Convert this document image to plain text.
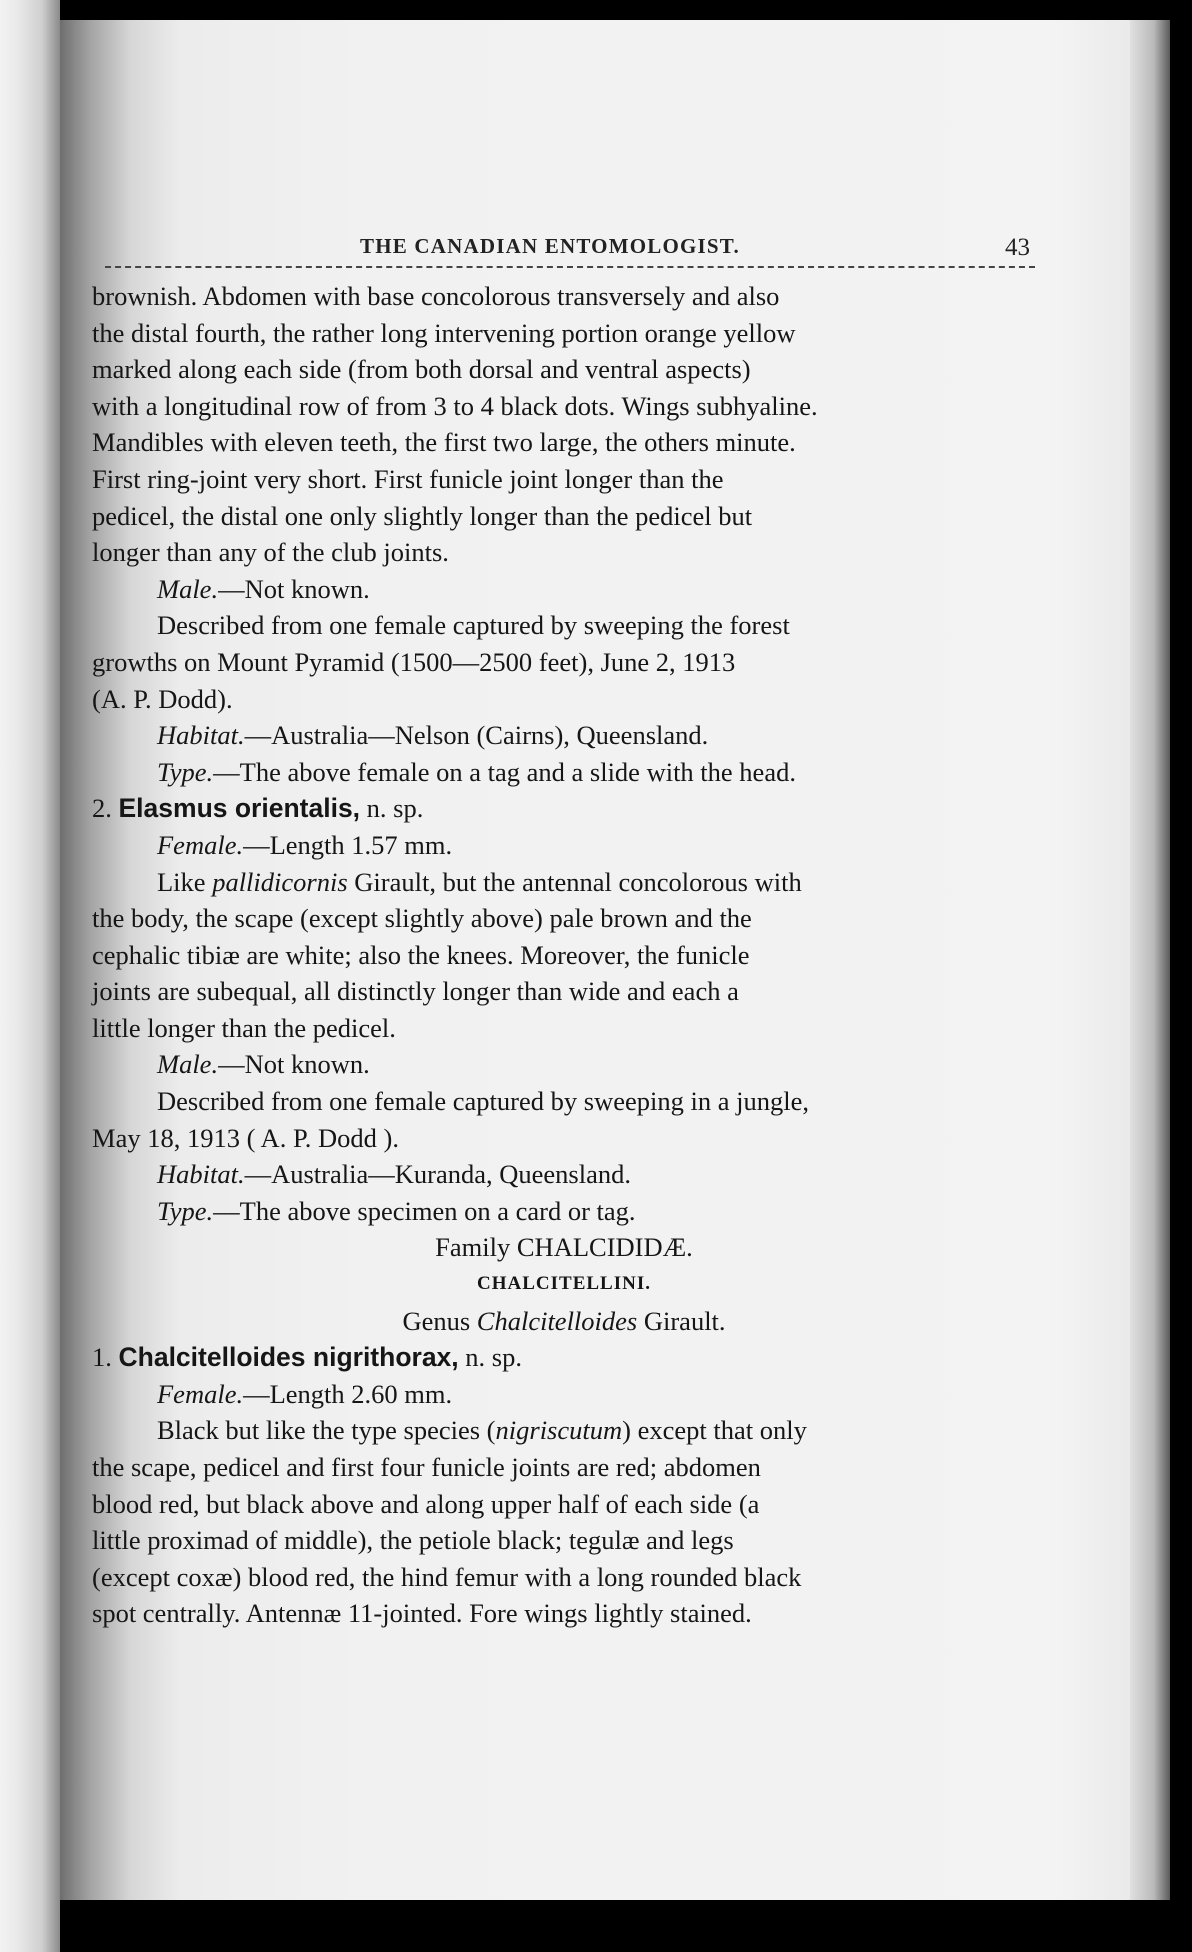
THE CANADIAN ENTOMOLOGIST.	43
brownish. Abdomen with base concolorous transversely and also
the distal fourth, the rather long intervening portion orange yellow
marked along each side (from both dorsal and ventral aspects)
with a longitudinal row of from 3 to 4 black dots. Wings subhyaline.
Mandibles with eleven teeth, the first two large, the others minute.
First ring-joint very short. First funicle joint longer than the
pedicel, the distal one only slightly longer than the pedicel but
longer than any of the club joints.
Male.—Not known.
Described from one female captured by sweeping the forest
growths on Mount Pyramid (1500—2500 feet), June 2, 1913
(A. P. Dodd).
Habitat.—Australia—Nelson (Cairns), Queensland.
Type.—The above female on a tag and a slide with the head.
2. Elasmus orientalis, n. sp.
Female.—Length 1.57 mm.
Like pallidicornis Girault, but the antennal concolorous with
the body, the scape (except slightly above) pale brown and the
cephalic tibiæ are white; also the knees. Moreover, the funicle
joints are subequal, all distinctly longer than wide and each a
little longer than the pedicel.
Male.—Not known.
Described from one female captured by sweeping in a jungle,
May 18, 1913 ( A. P. Dodd ).
Habitat.—Australia—Kuranda, Queensland.
Type.—The above specimen on a card or tag.
Family CHALCIDIDÆ.
CHALCITELLINI.
Genus Chalcitelloides Girault.
1. Chalcitelloides nigrithorax, n. sp.
Female.—Length 2.60 mm.
Black but like the type species (nigriscutum) except that only
the scape, pedicel and first four funicle joints are red; abdomen
blood red, but black above and along upper half of each side (a
little proximad of middle), the petiole black; tegulæ and legs
(except coxæ) blood red, the hind femur with a long rounded black
spot centrally. Antennæ 11-jointed. Fore wings lightly stained.
